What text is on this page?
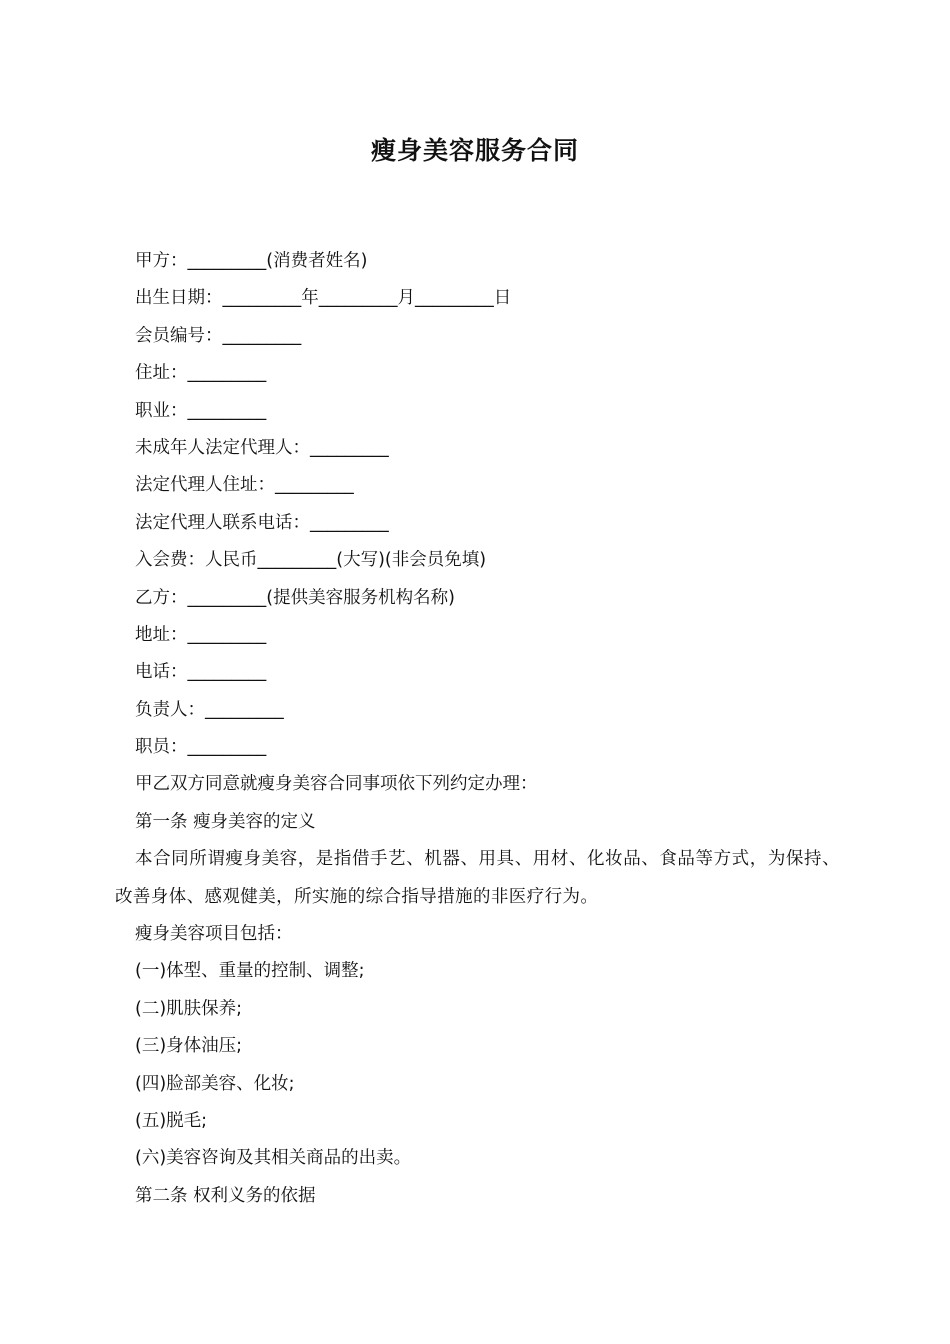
瘦身美容服务合同
甲方：_________(消费者姓名)
出生日期：_________年_________月_________日
会员编号：_________
住址：_________
职业：_________
未成年人法定代理人：_________
法定代理人住址：_________
法定代理人联系电话：_________
入会费：人民币_________(大写)(非会员免填)
乙方：_________(提供美容服务机构名称)
地址：_________
电话：_________
负责人：_________
职员：_________
甲乙双方同意就瘦身美容合同事项依下列约定办理：
第一条 瘦身美容的定义
本合同所谓瘦身美容，是指借手艺、机器、用具、用材、化妆品、食品等方式，为保持、改善身体、感观健美，所实施的综合指导措施的非医疗行为。
瘦身美容项目包括：
(一)体型、重量的控制、调整;
(二)肌肤保养;
(三)身体油压;
(四)脸部美容、化妆;
(五)脱毛;
(六)美容咨询及其相关商品的出卖。
第二条 权利义务的依据
